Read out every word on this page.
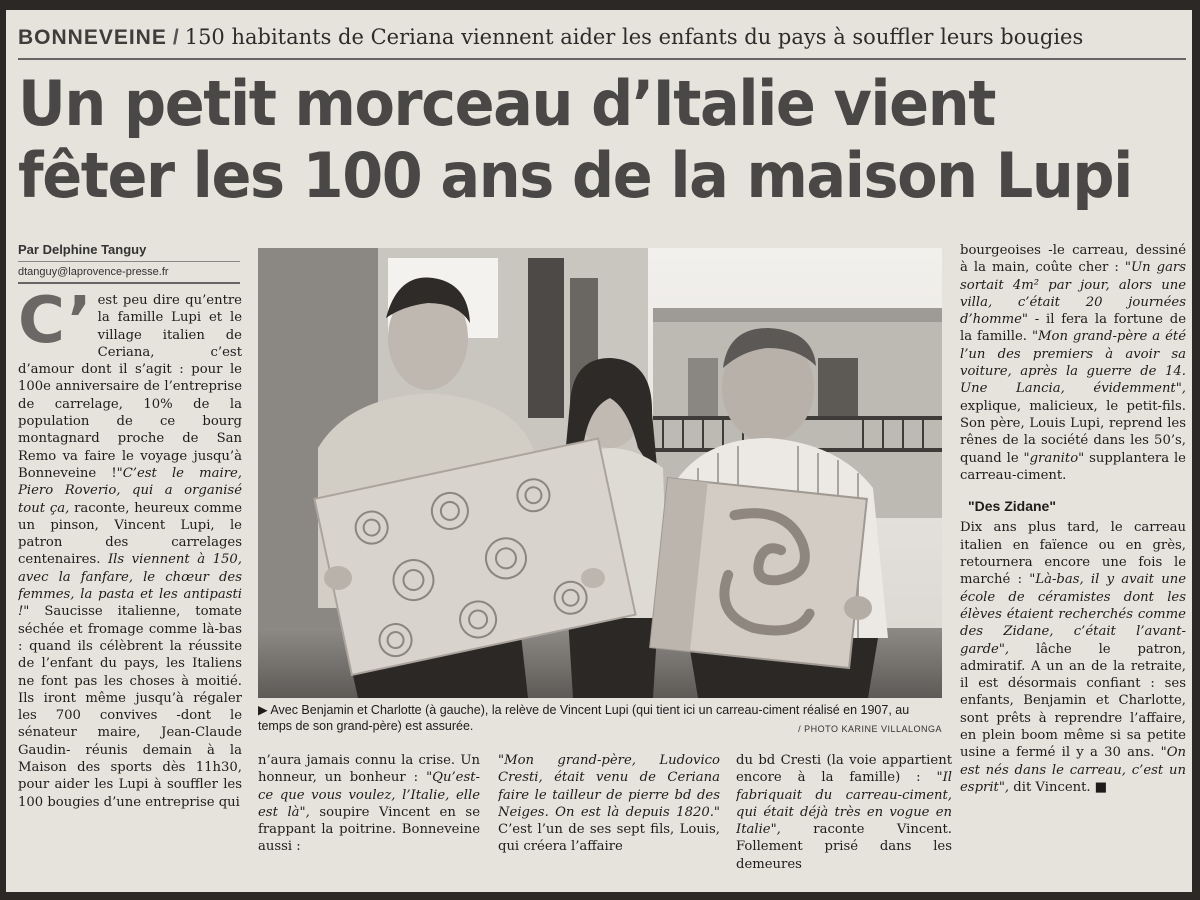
BONNEVEINE / 150 habitants de Ceriana viennent aider les enfants du pays à souffler leurs bougies
Un petit morceau d’Italie vient
fêter les 100 ans de la maison Lupi
Par Delphine Tanguy
dtanguy@laprovence-presse.fr

C’ est peu dire qu’entre la famille Lupi et le village italien de Ceriana, c’est d’amour dont il s’agit : pour le 100e anniversaire de l’entreprise de carrelage, 10% de la population de ce bourg montagnard proche de San Remo va faire le voyage jusqu’à Bonneveine !"C’est le maire, Piero Roverio, qui a organisé tout ça, raconte, heureux comme un pinson, Vincent Lupi, le patron des carrelages centenaires. Ils viennent à 150, avec la fanfare, le chœur des femmes, la pasta et les antipasti !" Saucisse italienne, tomate séchée et fromage comme là-bas : quand ils célèbrent la réussite de l’enfant du pays, les Italiens ne font pas les choses à moitié. Ils iront même jusqu’à régaler les 700 convives -dont le sénateur maire, Jean-Claude Gaudin- réunis demain à la Maison des sports dès 11h30, pour aider les Lupi à souffler les 100 bougies d’une entreprise qui

▶ Avec Benjamin et Charlotte (à gauche), la relève de Vincent Lupi (qui tient ici un carreau-ciment réalisé en 1907, au temps de son grand-père) est assurée.	/ PHOTO KARINE VILLALONGA

n’aura jamais connu la crise. Un honneur, un bonheur : "Qu’est-ce que vous voulez, l’Italie, elle est là", soupire Vincent en se frappant la poitrine. Bonneveine aussi :

"Mon grand-père, Ludovico Cresti, était venu de Ceriana faire le tailleur de pierre bd des Neiges. On est là depuis 1820." C’est l’un de ses sept fils, Louis, qui créera l’affaire

du bd Cresti (la voie appartient encore à la famille) : "Il fabriquait du carreau-ciment, qui était déjà très en vogue en Italie", raconte Vincent. Follement prisé dans les demeures

bourgeoises -le carreau, dessiné à la main, coûte cher : "Un gars sortait 4m² par jour, alors une villa, c’était 20 journées d’homme" - il fera la fortune de la famille. "Mon grand-père a été l’un des premiers à avoir sa voiture, après la guerre de 14. Une Lancia, évidemment", explique, malicieux, le petit-fils. Son père, Louis Lupi, reprend les rênes de la société dans les 50’s, quand le "granito" supplantera le carreau-ciment.

"Des Zidane"

Dix ans plus tard, le carreau italien en faïence ou en grès, retournera encore une fois le marché : "Là-bas, il y avait une école de céramistes dont les élèves étaient recherchés comme des Zidane, c’était l’avant-garde", lâche le patron, admiratif. A un an de la retraite, il est désormais confiant : ses enfants, Benjamin et Charlotte, sont prêts à reprendre l’affaire, en plein boom même si sa petite usine a fermé il y a 30 ans. "On est nés dans le carreau, c’est un esprit", dit Vincent. ■
